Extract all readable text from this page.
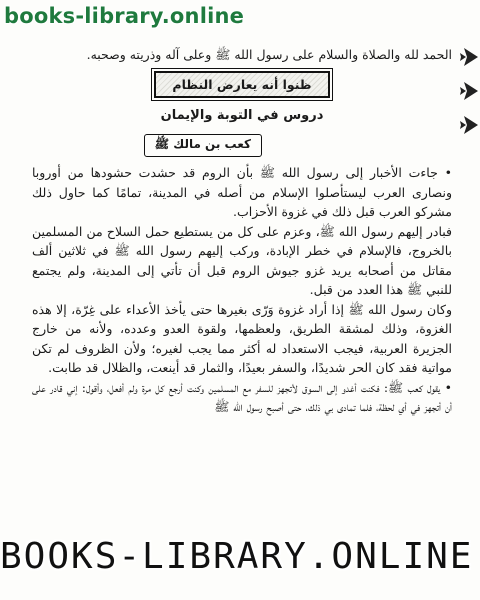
books-library.online

الحمد لله والصلاة والسلام على رسول الله ﷺ وعلى آله وذريته وصحبه.

ظنوا أنه يعارض النظام
دروس في التوبة والإيمان
كعب بن مالك ﷺ

• جاءت الأخبار إلى رسول الله ﷺ بأن الروم قد حشدت حشودها من أوروبا ونصارى العرب ليستأصلوا الإسلام من أصله في المدينة، تمامًا كما حاول ذلك مشركو العرب قبل ذلك في غزوة الأحزاب.

فبادر إليهم رسول الله ﷺ، وعزم على كل من يستطيع حمل السلاح من المسلمين بالخروج، فالإسلام في خطر الإبادة، وركب إليهم رسول الله ﷺ في ثلاثين ألف مقاتل من أصحابه يريد غزو جيوش الروم قبل أن تأتي إلى المدينة، ولم يجتمع للنبي ﷺ هذا العدد من قبل.

وكان رسول الله ﷺ إذا أراد غزوة وَرّى بغيرها حتى يأخذ الأعداء على غِرّة، إلا هذه الغزوة، وذلك لمشقة الطريق، ولعظمها، ولقوة العدو وعدده، ولأنه من خارج الجزيرة العربية، فيجب الاستعداد له أكثر مما يجب لغيره؛ ولأن الظروف لم تكن مواتية فقد كان الحر شديدًا، والسفر بعيدًا، والثمار قد أينعت، والظلال قد طابت.

• يقول كعب ﷺ: فكنت أغدو إلى السوق لأتجهز للسفر مع المسلمين وكنت أرجع كل مرة ولم أفعل، وأقول: إني قادر على أن أتجهز في أي لحظة، فلما تمادى بي ذلك، حتى أصبح رسول الله ﷺ

BOOKS-LIBRARY.ONLINE
